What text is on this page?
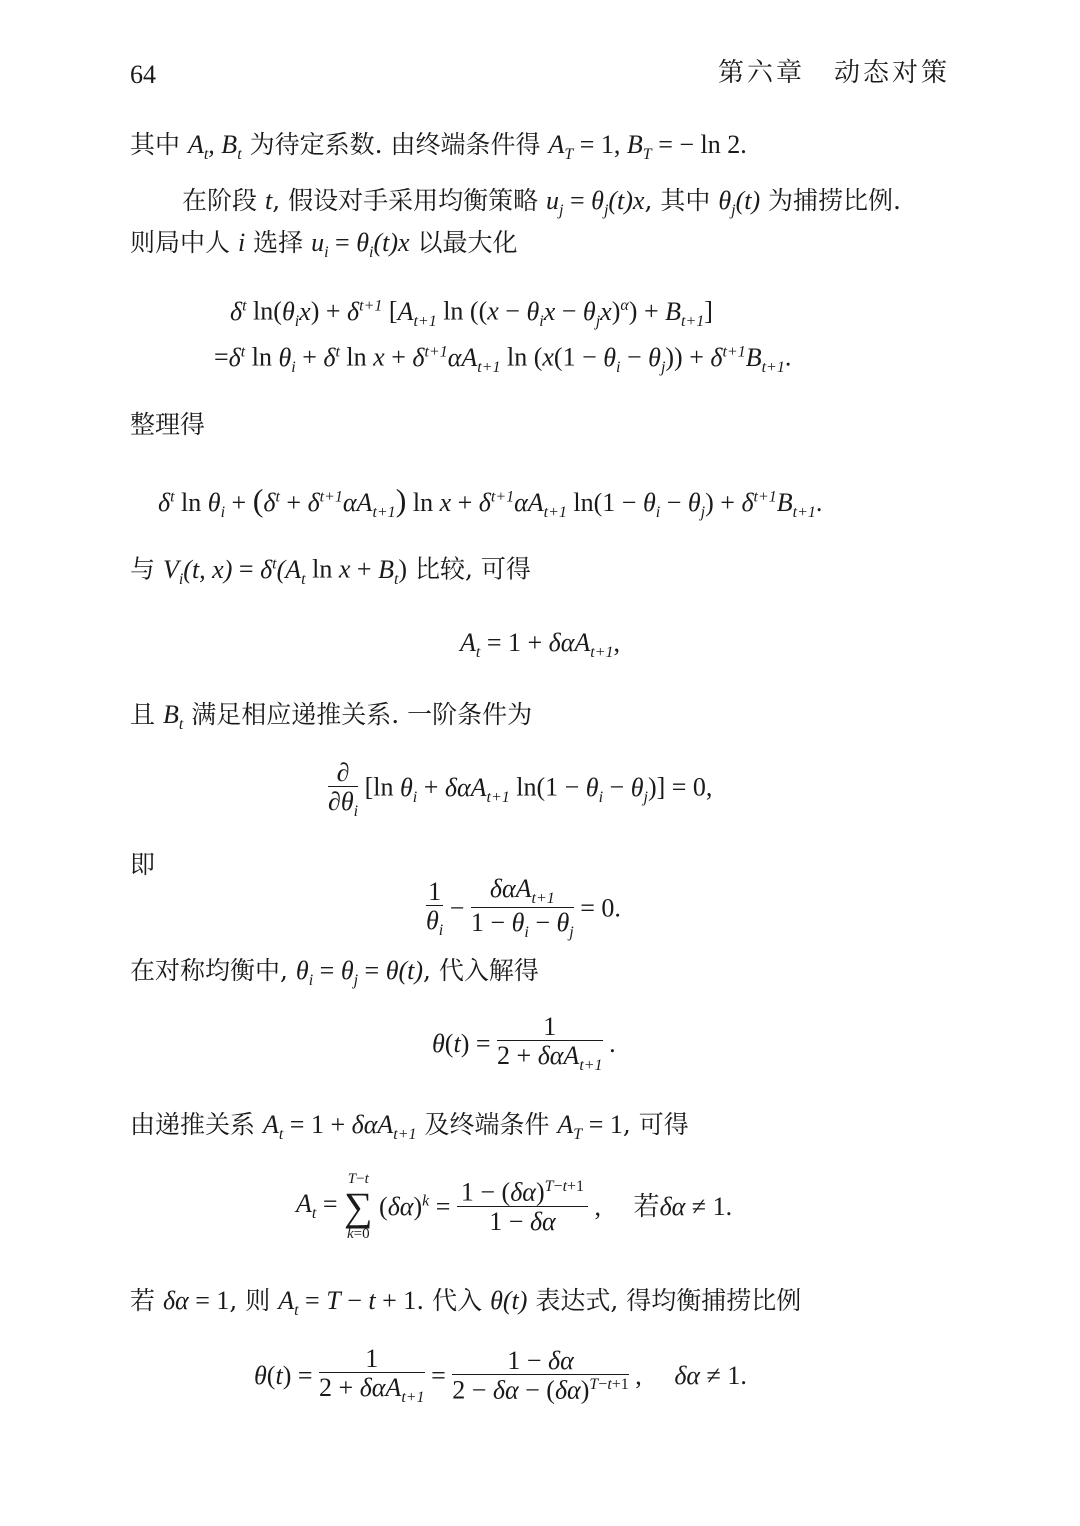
64	第六章　动态对策
其中 $A_t$, $B_t$ 为待定系数. 由终端条件得 $A_T = 1$, $B_T$ = − ln 2.
在阶段 t, 假设对手采用均衡策略 $u_j = \theta_j(t)x$, 其中 $\theta_j(t)$ 为捕捞比例.
则局中人 i 选择 $u_i = \theta_i(t)x$ 以最大化
$\delta^t$ $\ln(\theta_ix) + \delta^{t+1}$ [$A_{t+1}$ $\ln ((x - \theta_ix - \theta_jx)^\alpha) + B_{t+1}$]
$=\delta^t$ $\ln \theta_i + \delta^t$ $\ln x + \delta^{t+1}\alpha A_{t+1}$ $\ln (x(1 - \theta_i - \theta_j)) + \delta^{t+1}B_{t+1}$.
整理得
$\delta^t$ $\ln \theta_i + (\delta^t + \delta^{t+1}\alpha A_{t+1})$ $\ln x + \delta^{t+1}\alpha A_{t+1}$ $\ln(1 - \theta_i - \theta_j) + \delta^{t+1}B_{t+1}$.
与 $V_i(t$, $x) = \delta^t(A_t$ $\ln x + B_t$) 比较, 可得
$A_t = 1 + \delta\alpha A_{t+1}$,
且 $B_t$ 满足相应递推关系. 一阶条件为
∂
$\partial\theta_i$
[ln $\theta_i + \delta\alpha A_{t+1}$ $\ln(1 - \theta_i - \theta_j)] = 0$,
即
$\frac{1}{\theta_i}$ −
δαA$_{t+1}$
$1 - \theta_i - \theta_j$
= 0.
在对称均衡中, $\theta_i = \theta_j = \theta(t)$, 代入解得
θ(t) =
1
2 + δαA$_{t+1}$
.
由递推关系 $A_t = 1 + \delta\alpha A_{t+1}$ 及终端条件 $A_T = 1$, 可得
$A_t$ =
T−t
∑
k=0
$(\delta\alpha)^k = \frac{1 - (\delta\alpha)^{T-t+1}}{1 - \delta\alpha}$ ,　 若δα ≠ 1.
若 δα = 1, 则 $A_t = T - t + 1$. 代入 θ(t) 表达式, 得均衡捕捞比例
θ(t) =
1
2 + δαA$_{t+1}$
= $\frac{1 - \delta\alpha}{2 - \delta\alpha - (\delta\alpha)^{T-t+1}}$ ,　 δα ≠ 1.
